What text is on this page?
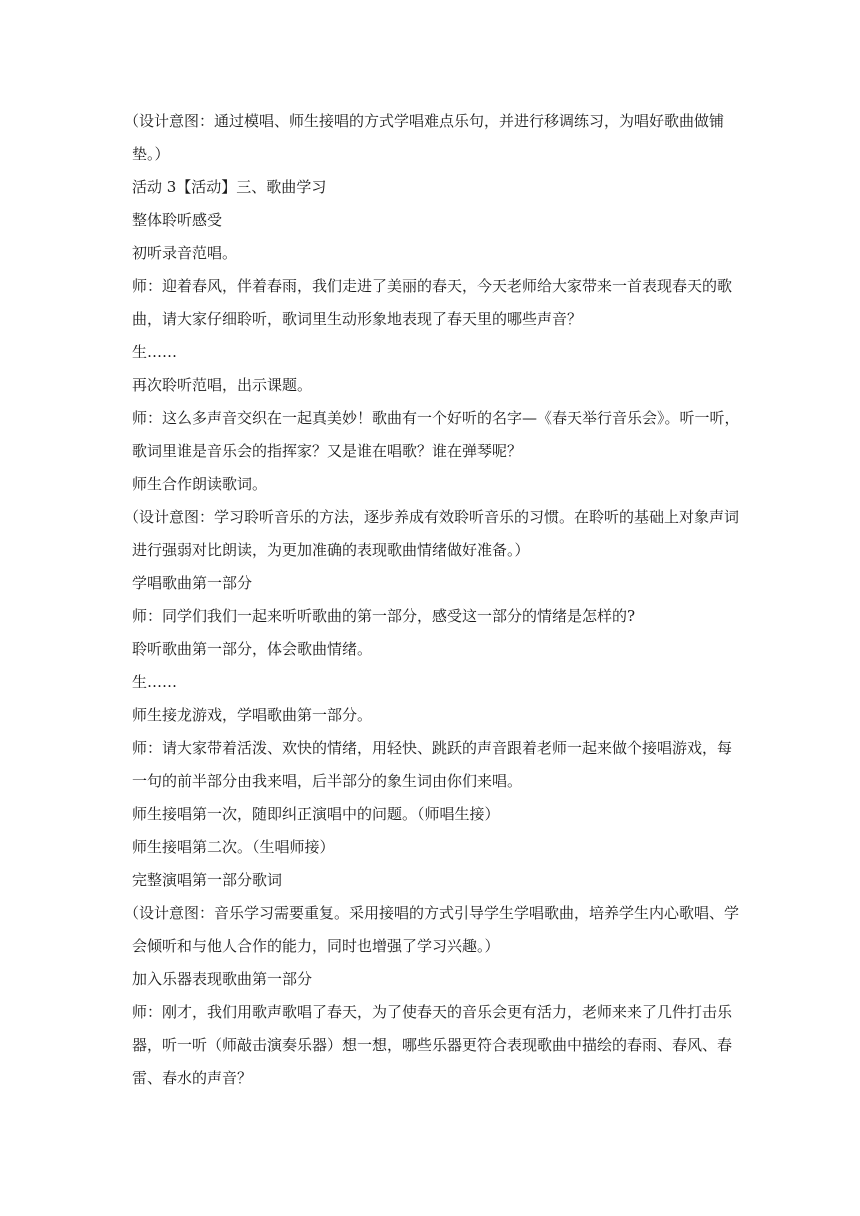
（设计意图：通过模唱、师生接唱的方式学唱难点乐句，并进行移调练习，为唱好歌曲做铺垫。）

活动 3【活动】三、歌曲学习

整体聆听感受

初听录音范唱。

师：迎着春风，伴着春雨，我们走进了美丽的春天，今天老师给大家带来一首表现春天的歌曲，请大家仔细聆听，歌词里生动形象地表现了春天里的哪些声音？

生……

再次聆听范唱，出示课题。

师：这么多声音交织在一起真美妙！歌曲有一个好听的名字—《春天举行音乐会》。听一听，歌词里谁是音乐会的指挥家？又是谁在唱歌？谁在弹琴呢？

师生合作朗读歌词。

（设计意图：学习聆听音乐的方法，逐步养成有效聆听音乐的习惯。在聆听的基础上对象声词进行强弱对比朗读，为更加准确的表现歌曲情绪做好准备。）

学唱歌曲第一部分

师：同学们我们一起来听听歌曲的第一部分，感受这一部分的情绪是怎样的?

聆听歌曲第一部分，体会歌曲情绪。

生……

师生接龙游戏，学唱歌曲第一部分。

师：请大家带着活泼、欢快的情绪，用轻快、跳跃的声音跟着老师一起来做个接唱游戏，每一句的前半部分由我来唱，后半部分的象生词由你们来唱。

师生接唱第一次，随即纠正演唱中的问题。（师唱生接）

师生接唱第二次。（生唱师接）

完整演唱第一部分歌词

（设计意图：音乐学习需要重复。采用接唱的方式引导学生学唱歌曲，培养学生内心歌唱、学会倾听和与他人合作的能力，同时也增强了学习兴趣。）

加入乐器表现歌曲第一部分

师：刚才，我们用歌声歌唱了春天，为了使春天的音乐会更有活力，老师来来了几件打击乐器，听一听（师敲击演奏乐器）想一想，哪些乐器更符合表现歌曲中描绘的春雨、春风、春雷、春水的声音？
